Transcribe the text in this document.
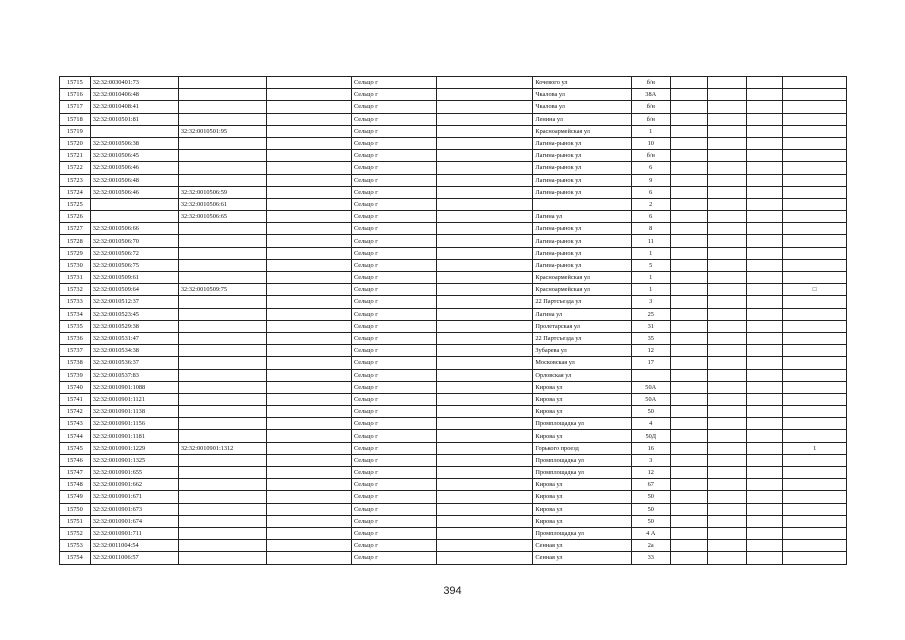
15715	32:32:0030401:73			Сельцо г		Кочевого ул	б/н				
15716	32:32:0010406:48			Сельцо г		Чкалова ул	38А				
15717	32:32:0010408:41			Сельцо г		Чкалова ул	б/н				
15718	32:32:0010501:81			Сельцо г		Ленина ул	б/н				
15719		32:32:0010501:95		Сельцо г		Красноармейская ул	1				
15720	32:32:0010506:38			Сельцо г		Лагина-рынок ул	10				
15721	32:32:0010506:45			Сельцо г		Лагина-рынок ул	б/н				
15722	32:32:0010506:46			Сельцо г		Лагина-рынок ул	6				
15723	32:32:0010506:48			Сельцо г		Лагина-рынок ул	9				
15724	32:32:0010506:46	32:32:0010506:59		Сельцо г		Лагина-рынок ул	6				
15725		32:32:0010506:61		Сельцо г			2				
15726		32:32:0010506:65		Сельцо г		Лагина ул	6				
15727	32:32:0010506:66			Сельцо г		Лагина-рынок ул	8				
15728	32:32:0010506:70			Сельцо г		Лагина-рынок ул	11				
15729	32:32:0010506:72			Сельцо г		Лагина-рынок ул	1				
15730	32:32:0010506:75			Сельцо г		Лагина-рынок ул	5				
15731	32:32:0010509:61			Сельцо г		Красноармейская ул	1				
15732	32:32:0010509:64	32:32:0010509:75		Сельцо г		Красноармейская ул	1				□
15733	32:32:0010512:37			Сельцо г		22 Партсъезда ул	3				
15734	32:32:0010523:45			Сельцо г		Лагина ул	25				
15735	32:32:0010529:38			Сельцо г		Пролетарская ул	31				
15736	32:32:0010531:47			Сельцо г		22 Партсъезда ул	35				
15737	32:32:0010534:38			Сельцо г		Зубарева ул	12				
15738	32:32:0010536:37			Сельцо г		Московская ул	17				
15739	32:32:0010537:83			Сельцо г		Орловская ул					
15740	32:32:0010901:1088			Сельцо г		Кирова ул	50А				
15741	32:32:0010901:1121			Сельцо г		Кирова ул	50А				
15742	32:32:0010901:1138			Сельцо г		Кирова ул	50				
15743	32:32:0010901:1156			Сельцо г		Промплощадка ул	4				
15744	32:32:0010901:1181			Сельцо г		Кирова ул	50Д				
15745	32:32:0010901:1229	32:32:0010901:1312		Сельцо г		Горького проезд	16				1
15746	32:32:0010901:1325			Сельцо г		Промплощадка ул	3				
15747	32:32:0010901:655			Сельцо г		Промплощадка ул	12				
15748	32:32:0010901:662			Сельцо г		Кирова ул	67				
15749	32:32:0010901:671			Сельцо г		Кирова ул	50				
15750	32:32:0010901:673			Сельцо г		Кирова ул	50				
15751	32:32:0010901:674			Сельцо г		Кирова ул	50				
15752	32:32:0010901:711			Сельцо г		Промплощадка ул	4 А				
15753	32:32:0011004:54			Сельцо г		Сенная ул	2а				
15754	32:32:0011006:57			Сельцо г		Сенная ул	33				
394
